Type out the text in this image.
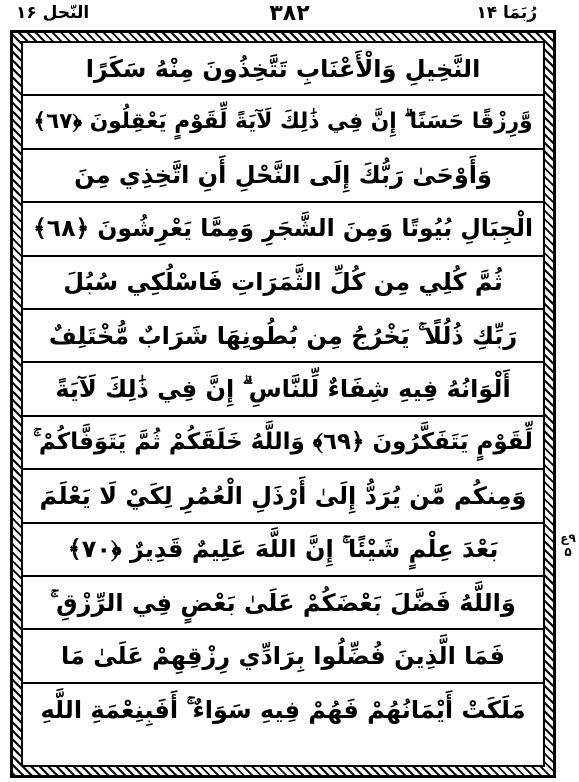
النّحل ۱۶	۳۸۲	رُبَمَا ۱۴
النَّخِيلِ وَالْأَعْنَابِ تَتَّخِذُونَ مِنْهُ سَكَرًا
وَّرِزْقًا حَسَنًا ۗ إِنَّ فِي ذَٰلِكَ لَآيَةً لِّقَوْمٍ يَعْقِلُونَ ﴿٦٧﴾
وَأَوْحَىٰ رَبُّكَ إِلَى النَّحْلِ أَنِ اتَّخِذِي مِنَ
الْجِبَالِ بُيُوتًا وَمِنَ الشَّجَرِ وَمِمَّا يَعْرِشُونَ ﴿٦٨﴾
ثُمَّ كُلِي مِن كُلِّ الثَّمَرَاتِ فَاسْلُكِي سُبُلَ
رَبِّكِ ذُلُلًا ۚ يَخْرُجُ مِن بُطُونِهَا شَرَابٌ مُّخْتَلِفٌ
أَلْوَانُهُ فِيهِ شِفَاءٌ لِّلنَّاسِ ۗ إِنَّ فِي ذَٰلِكَ لَآيَةً
لِّقَوْمٍ يَتَفَكَّرُونَ ﴿٦٩﴾ وَاللَّهُ خَلَقَكُمْ ثُمَّ يَتَوَفَّاكُمْ ۚ
وَمِنكُم مَّن يُرَدُّ إِلَىٰ أَرْذَلِ الْعُمُرِ لِكَيْ لَا يَعْلَمَ
بَعْدَ عِلْمٍ شَيْئًا ۚ إِنَّ اللَّهَ عَلِيمٌ قَدِيرٌ ﴿٧٠﴾
وَاللَّهُ فَضَّلَ بَعْضَكُمْ عَلَىٰ بَعْضٍ فِي الرِّزْقِ ۚ
فَمَا الَّذِينَ فُضِّلُوا بِرَادِّي رِزْقِهِمْ عَلَىٰ مَا
مَلَكَتْ أَيْمَانُهُمْ فَهُمْ فِيهِ سَوَاءٌ ۚ أَفَبِنِعْمَةِ اللَّهِ
۹ع۵
